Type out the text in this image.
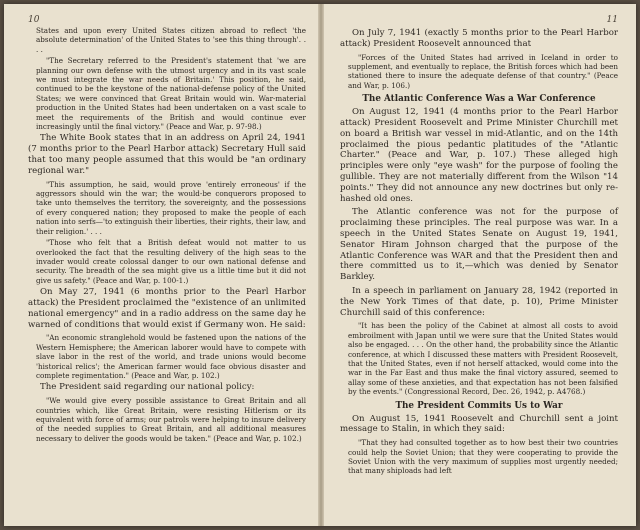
10

States and upon every United States citizen abroad to reflect 'the absolute determination' of the United States to 'see this thing through'. . . .

"The Secretary referred to the President's statement that 'we are planning our own defense with the utmost urgency and in its vast scale we must integrate the war needs of Britain.' This position, he said, continued to be the keystone of the national-defense policy of the United States; we were convinced that Great Britain would win. War-material production in the United States had been undertaken on a vast scale to meet the requirements of the British and would continue ever increasingly until the final victory." (Peace and War, p. 97-98.)

The White Book states that in an address on April 24, 1941 (7 months prior to the Pearl Harbor attack) Secretary Hull said that too many people assumed that this would be "an ordinary regional war."

"This assumption, he said, would prove 'entirely erroneous' if the aggressors should win the war; the would-be conquerors proposed to take unto themselves the territory, the sovereignty, and the possessions of every conquered nation; they proposed to make the people of each nation into serfs—'to extinguish their liberties, their rights, their law, and their religion.' . . .

"Those who felt that a British defeat would not matter to us overlooked the fact that the resulting delivery of the high seas to the invader would create colossal danger to our own national defense and security. The breadth of the sea might give us a little time but it did not give us safety." (Peace and War, p. 100-1.)

On May 27, 1941 (6 months prior to the Pearl Harbor attack) the President proclaimed the "existence of an unlimited national emergency" and in a radio address on the same day he warned of conditions that would exist if Germany won. He said:

"An economic stranglehold would be fastened upon the nations of the Western Hemisphere; the American laborer would have to compete with slave labor in the rest of the world, and trade unions would become 'historical relics'; the American farmer would face obvious disaster and complete regimentation." (Peace and War, p. 102.)

The President said regarding our national policy:

"We would give every possible assistance to Great Britain and all countries which, like Great Britain, were resisting Hitlerism or its equivalent with force of arms; our patrols were helping to insure delivery of the needed supplies to Great Britain, and all additional measures necessary to deliver the goods would be taken." (Peace and War, p. 102.)

11

On July 7, 1941 (exactly 5 months prior to the Pearl Harbor attack) President Roosevelt announced that

"Forces of the United States had arrived in Iceland in order to supplement, and eventually to replace, the British forces which had been stationed there to insure the adequate defense of that country." (Peace and War, p. 106.)

The Atlantic Conference Was a War Conference

On August 12, 1941 (4 months prior to the Pearl Harbor attack) President Roosevelt and Prime Minister Churchill met on board a British war vessel in mid-Atlantic, and on the 14th proclaimed the pious pedantic platitudes of the "Atlantic Charter." (Peace and War, p. 107.) These alleged high principles were only "eye wash" for the purpose of fooling the gullible. They are not materially different from the Wilson "14 points." They did not announce any new doctrines but only re-hashed old ones.

The Atlantic conference was not for the purpose of proclaiming these principles. The real purpose was war. In a speech in the United States Senate on August 19, 1941, Senator Hiram Johnson charged that the purpose of the Atlantic Conference was WAR and that the President then and there committed us to it,—which was denied by Senator Barkley.

In a speech in parliament on January 28, 1942 (reported in the New York Times of that date, p. 10), Prime Minister Churchill said of this conference:

"It has been the policy of the Cabinet at almost all costs to avoid embroilment with Japan until we were sure that the United States would also be engaged. . . . On the other hand, the probability since the Atlantic conference, at which I discussed these matters with President Roosevelt, that the United States, even if not herself attacked, would come into the war in the Far East and thus make the final victory assured, seemed to allay some of these anxieties, and that expectation has not been falsified by the events." (Congressional Record, Dec. 26, 1942, p. A4768.)

The President Commits Us to War

On August 15, 1941 Roosevelt and Churchill sent a joint message to Stalin, in which they said:

"That they had consulted together as to how best their two countries could help the Soviet Union; that they were cooperating to provide the Soviet Union with the very maximum of supplies most urgently needed; that many shiploads had left
